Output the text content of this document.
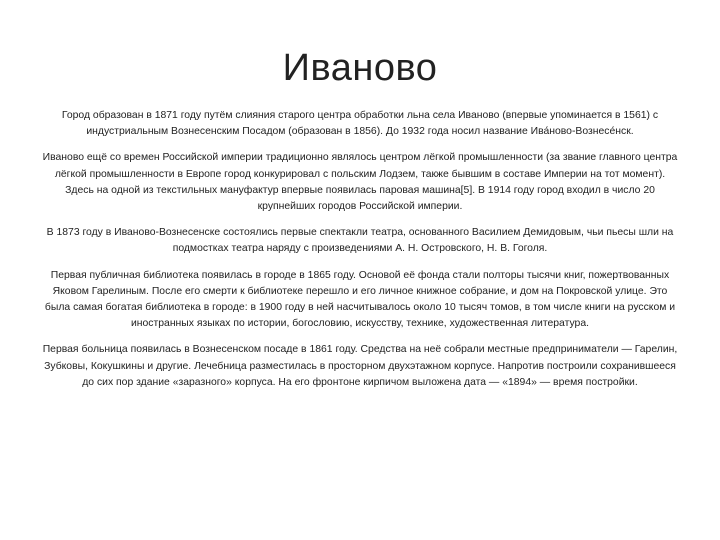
Иваново

Город образован в 1871 году путём слияния старого центра обработки льна села Иваново (впервые упоминается в 1561) с индустриальным Вознесенским Посадом (образован в 1856). До 1932 года носил название Ива́ново-Вознесе́нск.

Иваново ещё со времен Российской империи традиционно являлось центром лёгкой промышленности (за звание главного центра лёгкой промышленности в Европе город конкурировал с польским Лодзем, также бывшим в составе Империи на тот момент). Здесь на одной из текстильных мануфактур впервые появилась паровая машина[5]. В 1914 году город входил в число 20 крупнейших городов Российской империи.

В 1873 году в Иваново-Вознесенске состоялись первые спектакли театра, основанного Василием Демидовым, чьи пьесы шли на подмостках театра наряду с произведениями А. Н. Островского, Н. В. Гоголя.

Первая публичная библиотека появилась в городе в 1865 году. Основой её фонда стали полторы тысячи книг, пожертвованных Яковом Гарелиным. После его смерти к библиотеке перешло и его личное книжное собрание, и дом на Покровской улице. Это была самая богатая библиотека в городе: в 1900 году в ней насчитывалось около 10 тысяч томов, в том числе книги на русском и иностранных языках по истории, богословию, искусству, технике, художественная литература.

Первая больница появилась в Вознесенском посаде в 1861 году. Средства на неё собрали местные предприниматели — Гарелин, Зубковы, Кокушкины и другие. Лечебница разместилась в просторном двухэтажном корпусе. Напротив построили сохранившееся до сих пор здание «заразного» корпуса. На его фронтоне кирпичом выложена дата — «1894» — время постройки.
